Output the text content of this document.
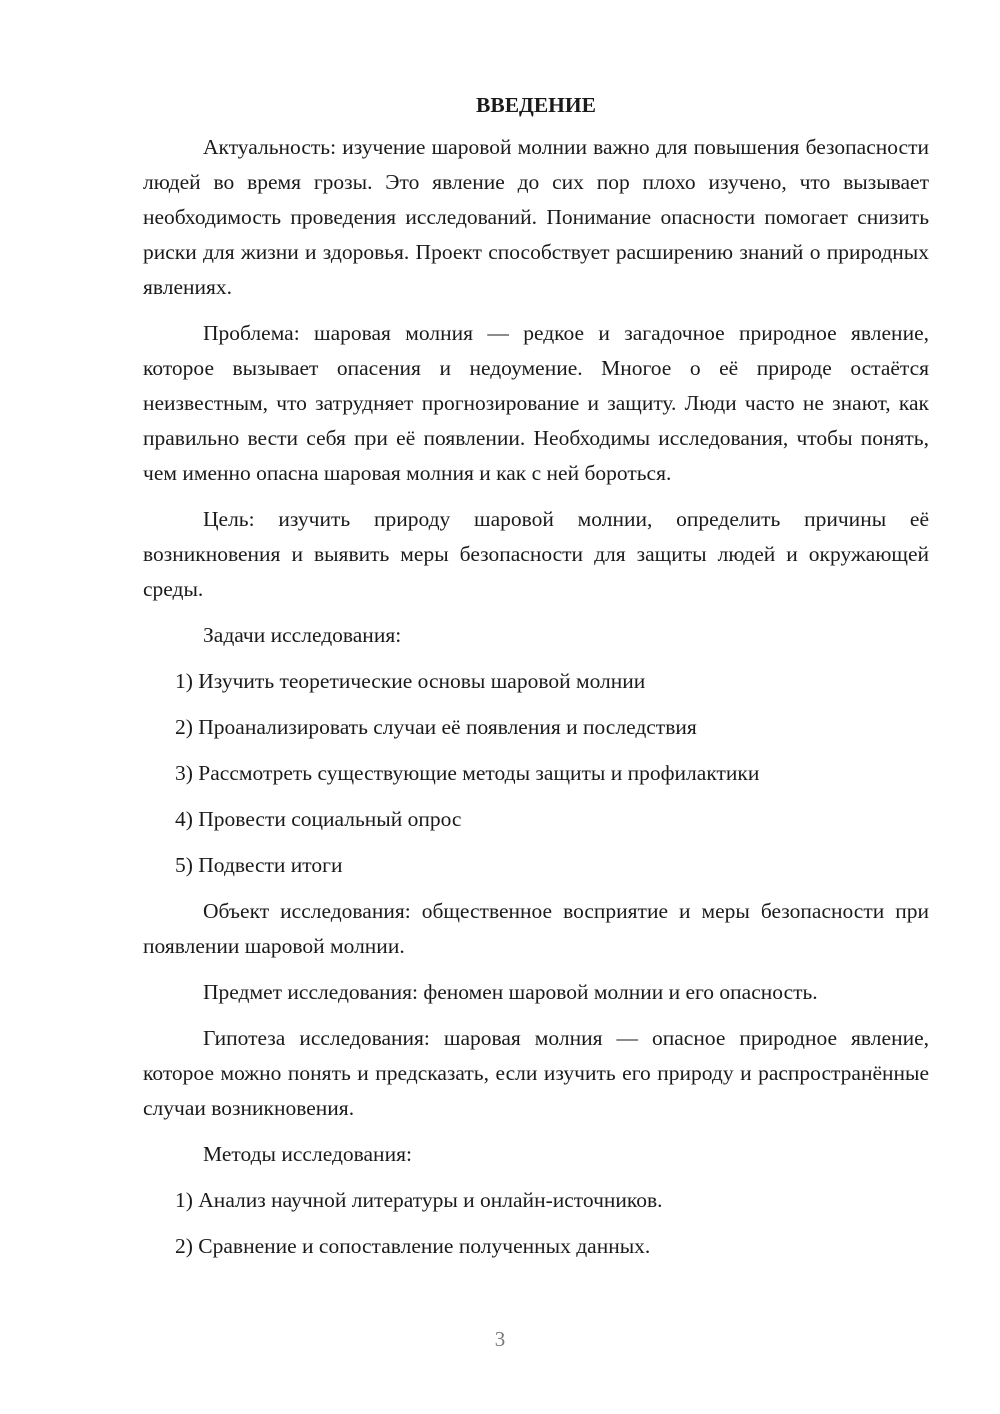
ВВЕДЕНИЕ

Актуальность: изучение шаровой молнии важно для повышения безопасности людей во время грозы. Это явление до сих пор плохо изучено, что вызывает необходимость проведения исследований. Понимание опасности помогает снизить риски для жизни и здоровья. Проект способствует расширению знаний о природных явлениях.

Проблема: шаровая молния — редкое и загадочное природное явление, которое вызывает опасения и недоумение. Многое о её природе остаётся неизвестным, что затрудняет прогнозирование и защиту. Люди часто не знают, как правильно вести себя при её появлении. Необходимы исследования, чтобы понять, чем именно опасна шаровая молния и как с ней бороться.

Цель: изучить природу шаровой молнии, определить причины её возникновения и выявить меры безопасности для защиты людей и окружающей среды.

Задачи исследования:

1) Изучить теоретические основы шаровой молнии

2) Проанализировать случаи её появления и последствия

3) Рассмотреть существующие методы защиты и профилактики

4) Провести социальный опрос

5) Подвести итоги

Объект исследования: общественное восприятие и меры безопасности при появлении шаровой молнии.

Предмет исследования: феномен шаровой молнии и его опасность.

Гипотеза исследования: шаровая молния — опасное природное явление, которое можно понять и предсказать, если изучить его природу и распространённые случаи возникновения.

Методы исследования:

1) Анализ научной литературы и онлайн-источников.

2) Сравнение и сопоставление полученных данных.

3
